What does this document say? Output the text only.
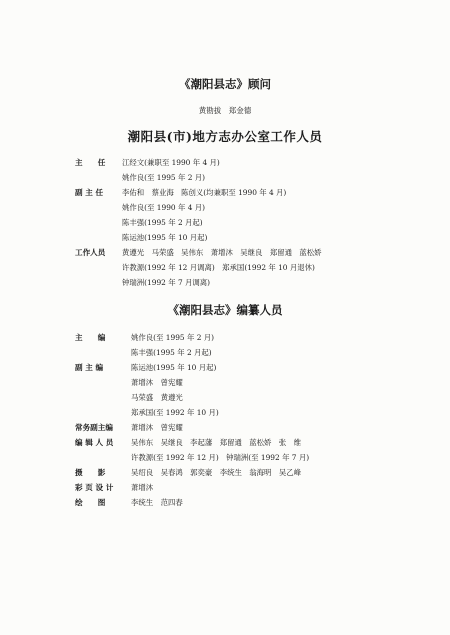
《潮阳县志》顾问
黄勘拔　郑金德
潮阳县(市)地方志办公室工作人员
主　　任	江经文(兼职至 1990 年 4 月)
姚作良(至 1995 年 2 月)
副 主 任	李佑和　蔡业海　陈创义(均兼职至 1990 年 4 月)
姚作良(至 1990 年 4 月)
陈丰强(1995 年 2 月起)
陈运池(1995 年 10 月起)
工作人员	黄遵光　马荣盛　吴伟东　萧增沐　吴继良　郑留通　蓝松娇
许教源(1992 年 12 月调离)　郑承国(1992 年 10 月退休)
钟瑞洲(1992 年 7 月调离)
《潮阳县志》编纂人员
主　　编	姚作良(至 1995 年 2 月)
陈丰强(1995 年 2 月起)
副 主 编	陈运池(1995 年 10 月起)
萧增沐　曾宪耀
马荣盛　黄遵光
郑承国(至 1992 年 10 月)
常务副主编	萧增沐　曾宪耀
编 辑 人 员	吴伟东　吴继良　李起藩　郑留通　蓝松娇　张　维
许教源(至 1992 年 12 月)　钟瑞洲(至 1992 年 7 月)
摄　　影	吴绍良　吴春鸿　郭奕豪　李统生　翁海明　吴乙峰
彩 页 设 计	萧增沐
绘　　图	李统生　范四春
